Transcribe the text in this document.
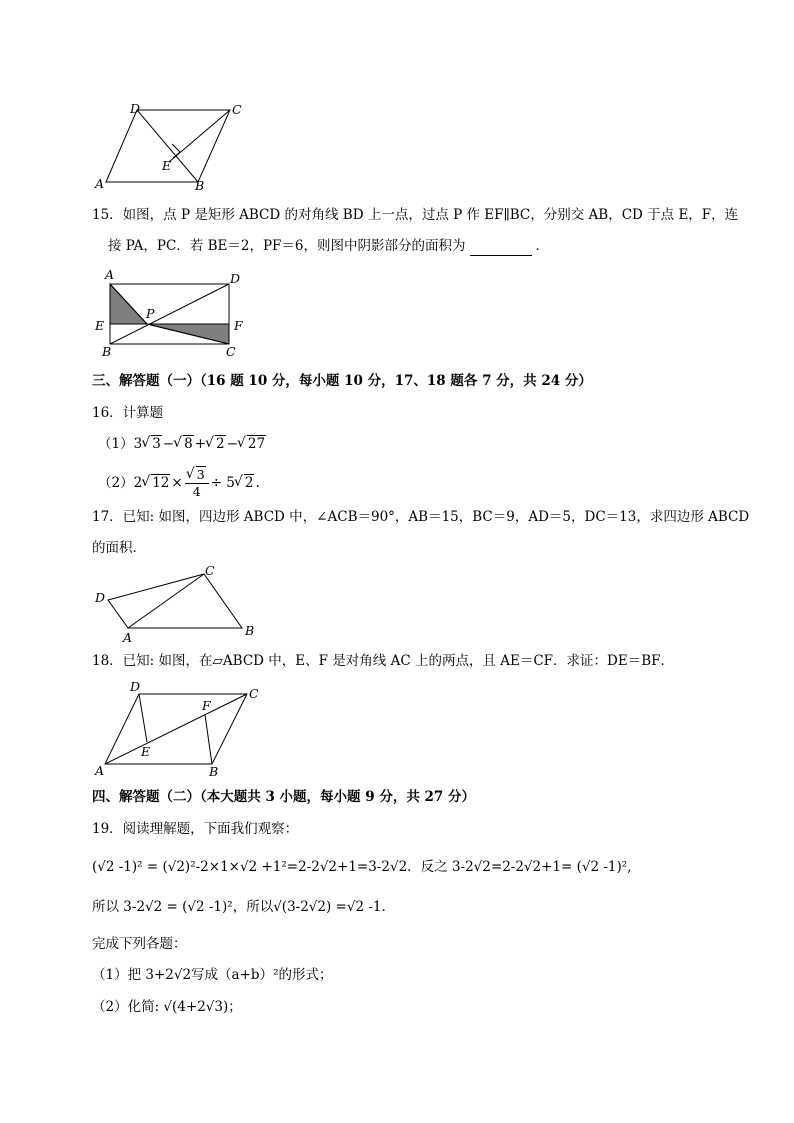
D	C
A	B
E
15．如图，点 P 是矩形 ABCD 的对角线 BD 上一点，过点 P 作 EF∥BC，分别交 AB，CD 于点 E，F，连
接 PA，PC．若 BE＝2，PF＝6，则图中阴影部分的面积为	．
A	D
E
P
F
B	C
三、解答题（一）（16 题 10 分，每小题 10 分，17、18 题各 7 分，共 24 分）
16．计算题
（1）3√ 3 −√ 8 +√ 2 −√ 27
（2）2√ 12 ×
√ $\frac{3}{4} \div 5√$ 2 .
17．已知: 如图，四边形 ABCD 中，∠ACB＝90°，AB＝15，BC＝9，AD＝5，DC＝13，求四边形 ABCD
的面积．
D
C
A	B
18．已知: 如图，在▱ABCD 中，E、F 是对角线 AC 上的两点，且 AE＝CF．求证：DE＝BF．
D	C
F
E
A	B
四、解答题（二）（本大题共 3 小题，每小题 9 分，共 27 分）
19．阅读理解题，下面我们观察：
(√2 -1)² = (√2)²-2×1×√2 +1²=2-2√2+1=3-2√2．反之 3-2√2=2-2√2+1= (√2 -1)²,
所以 3-2√2 = (√2 -1)²，所以√(3-2√2) =√2 -1.
完成下列各题：
（1）把 3+2√2写成（a+b）²的形式；
（2）化简: √(4+2√3)；
